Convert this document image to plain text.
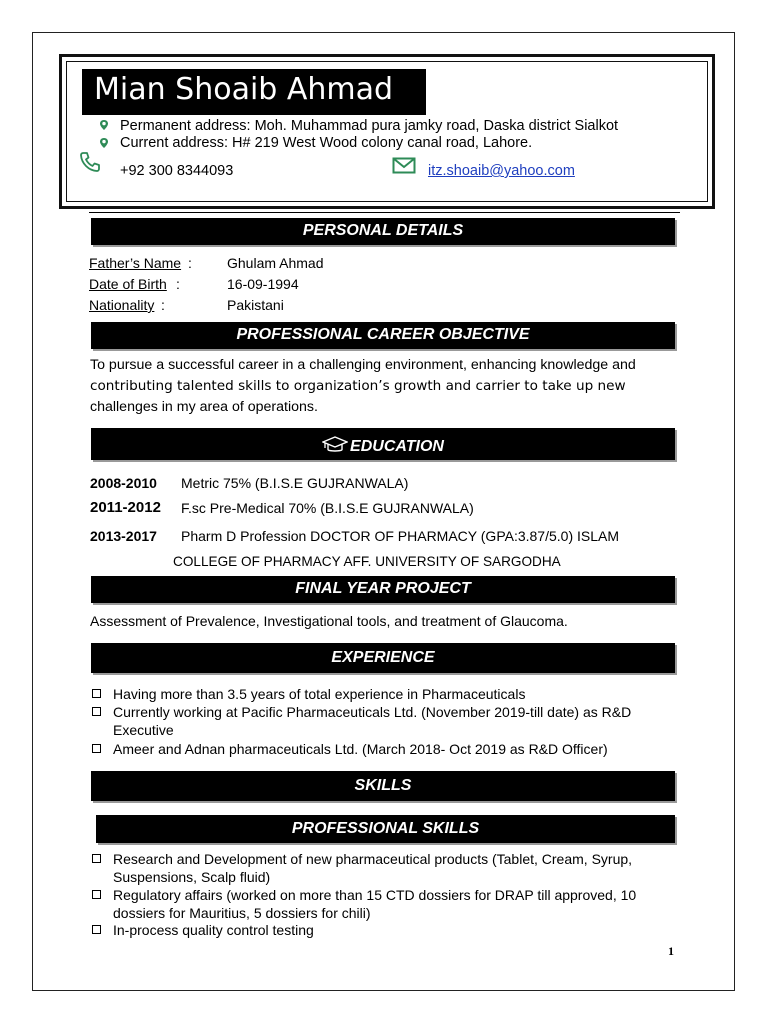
Mian Shoaib Ahmad
Permanent address: Moh. Muhammad pura jamky road, Daska district Sialkot
Current address: H# 219 West Wood colony canal road, Lahore.
+92 300 8344093	itz.shoaib@yahoo.com
PERSONAL DETAILS
Father’s Name :	Ghulam Ahmad
Date of Birth :	16-09-1994
Nationality :	Pakistani
PROFESSIONAL CAREER OBJECTIVE
To pursue a successful career in a challenging environment, enhancing knowledge and
contributing talented skills to organization’s growth and carrier to take up new
challenges in my area of operations.
EDUCATION
2008-2010 Metric 75% (B.I.S.E GUJRANWALA)
2011-2012 F.sc Pre-Medical 70% (B.I.S.E GUJRANWALA)
2013-2017 Pharm D Profession DOCTOR OF PHARMACY (GPA:3.87/5.0) ISLAM
COLLEGE OF PHARMACY AFF. UNIVERSITY OF SARGODHA
FINAL YEAR PROJECT
Assessment of Prevalence, Investigational tools, and treatment of Glaucoma.
EXPERIENCE
Having more than 3.5 years of total experience in Pharmaceuticals
Currently working at Pacific Pharmaceuticals Ltd. (November 2019-till date) as R&D
Executive
Ameer and Adnan pharmaceuticals Ltd. (March 2018- Oct 2019 as R&D Officer)
SKILLS
PROFESSIONAL SKILLS
Research and Development of new pharmaceutical products (Tablet, Cream, Syrup,
Suspensions, Scalp fluid)
Regulatory affairs (worked on more than 15 CTD dossiers for DRAP till approved, 10
dossiers for Mauritius, 5 dossiers for chili)
In-process quality control testing
1
